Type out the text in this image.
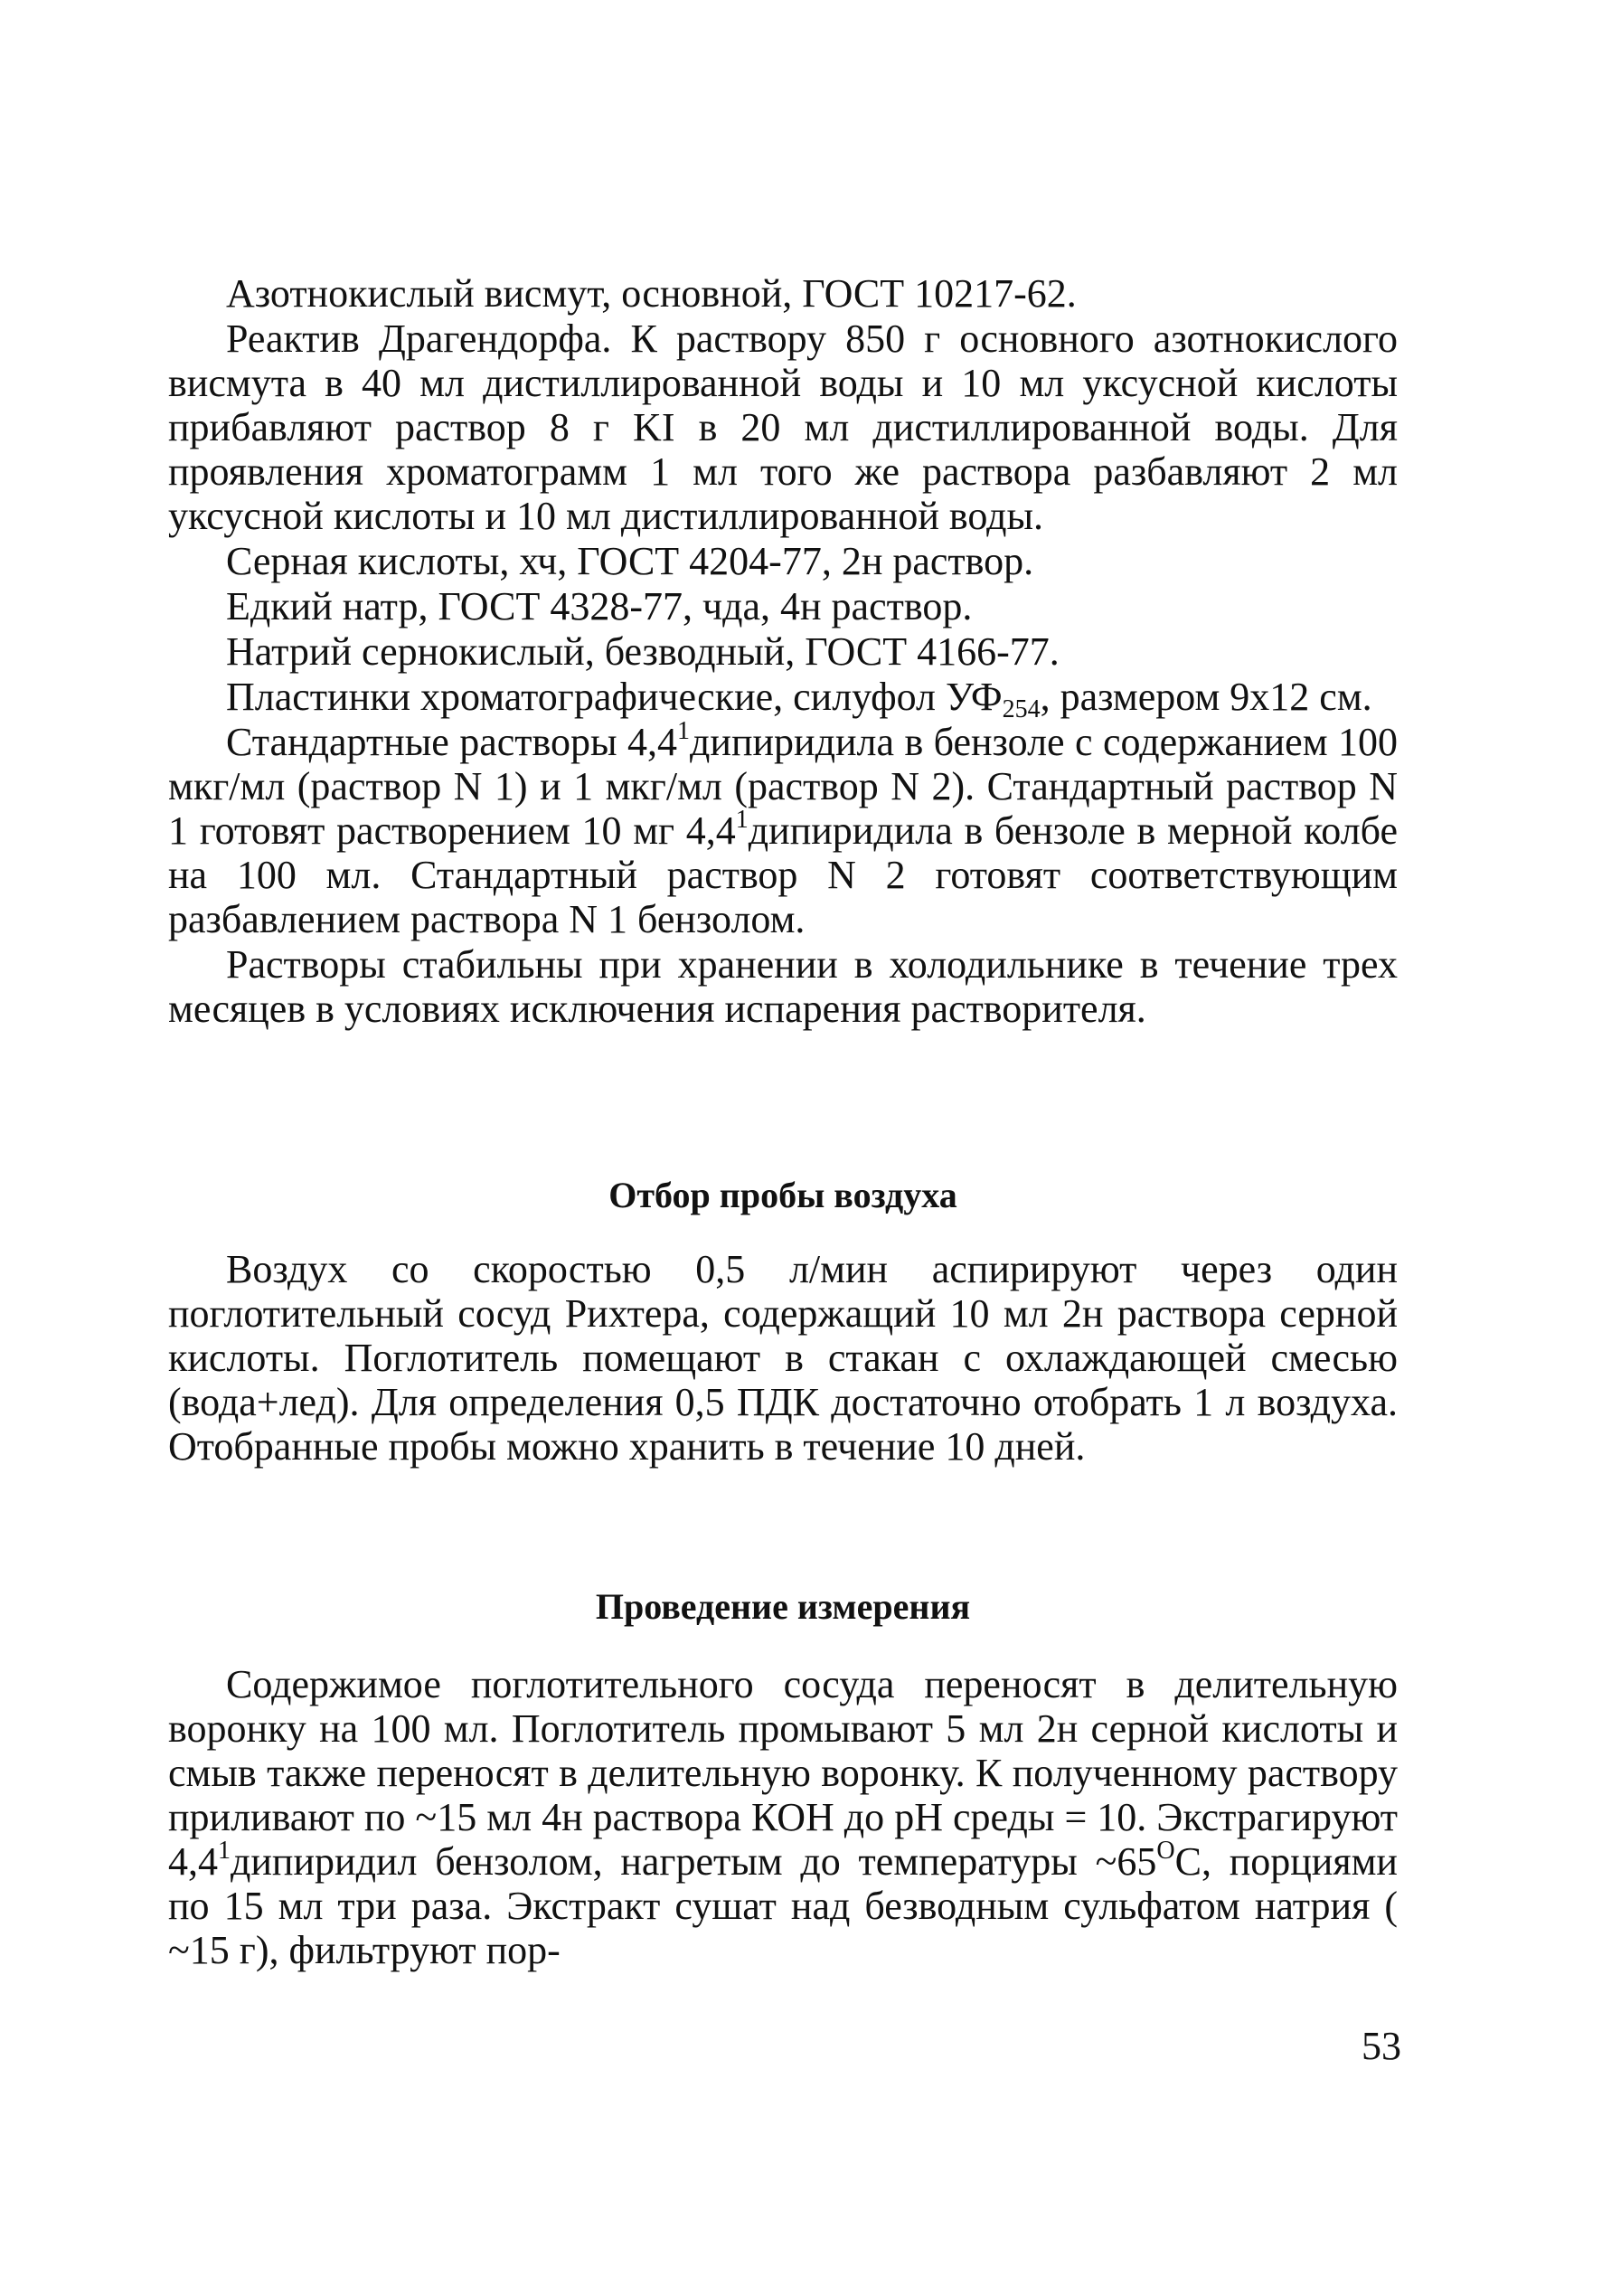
Азотнокислый висмут, основной, ГОСТ 10217-62.

Реактив Драгендорфа. К раствору 850 г основного азотнокислого висмута в 40 мл дистиллированной воды и 10 мл уксусной кислоты прибавляют раствор 8 г KI в 20 мл дистиллированной воды. Для проявления хроматограмм 1 мл того же раствора разбавляют 2 мл уксусной кислоты и 10 мл дистиллированной воды.

Серная кислоты, хч, ГОСТ 4204-77, 2н раствор.

Едкий натр, ГОСТ 4328-77, чда, 4н раствор.

Натрий сернокислый, безводный, ГОСТ 4166-77.

Пластинки хроматографические, силуфол $УФ_{254}$, размером 9x12 см.

Стандартные растворы $4,4^1дипиридила$ в бензоле с содержанием 100 мкг/мл (раствор N 1) и 1 мкг/мл (раствор N 2). Стандартный раствор N 1 готовят растворением 10 мг $4,4^1дипиридила$ в бензоле в мерной колбе на 100 мл. Стандартный раствор N 2 готовят соответствующим разбавлением раствора N 1 бензолом.

Растворы стабильны при хранении в холодильнике в течение трех месяцев в условиях исключения испарения растворителя.

Отбор пробы воздуха

Воздух со скоростью 0,5 л/мин аспирируют через один поглотительный сосуд Рихтера, содержащий 10 мл 2н раствора серной кислоты. Поглотитель помещают в стакан с охлаждающей смесью (вода+лед). Для определения 0,5 ПДК достаточно отобрать 1 л воздуха. Отобранные пробы можно хранить в течение 10 дней.

Проведение измерения

Содержимое поглотительного сосуда переносят в делительную воронку на 100 мл. Поглотитель промывают 5 мл 2н серной кислоты и смыв также переносят в делительную воронку. К полученному раствору приливают по ~15 мл 4н раствора КОН до pH среды = 10. Экстрагируют $4,4^1дипиридил$ бензолом, нагретым до температуры $\sim 65^ОС$, порциями по 15 мл три раза. Экстракт сушат над безводным сульфатом натрия ( ~15 г), фильтруют пор-

53
